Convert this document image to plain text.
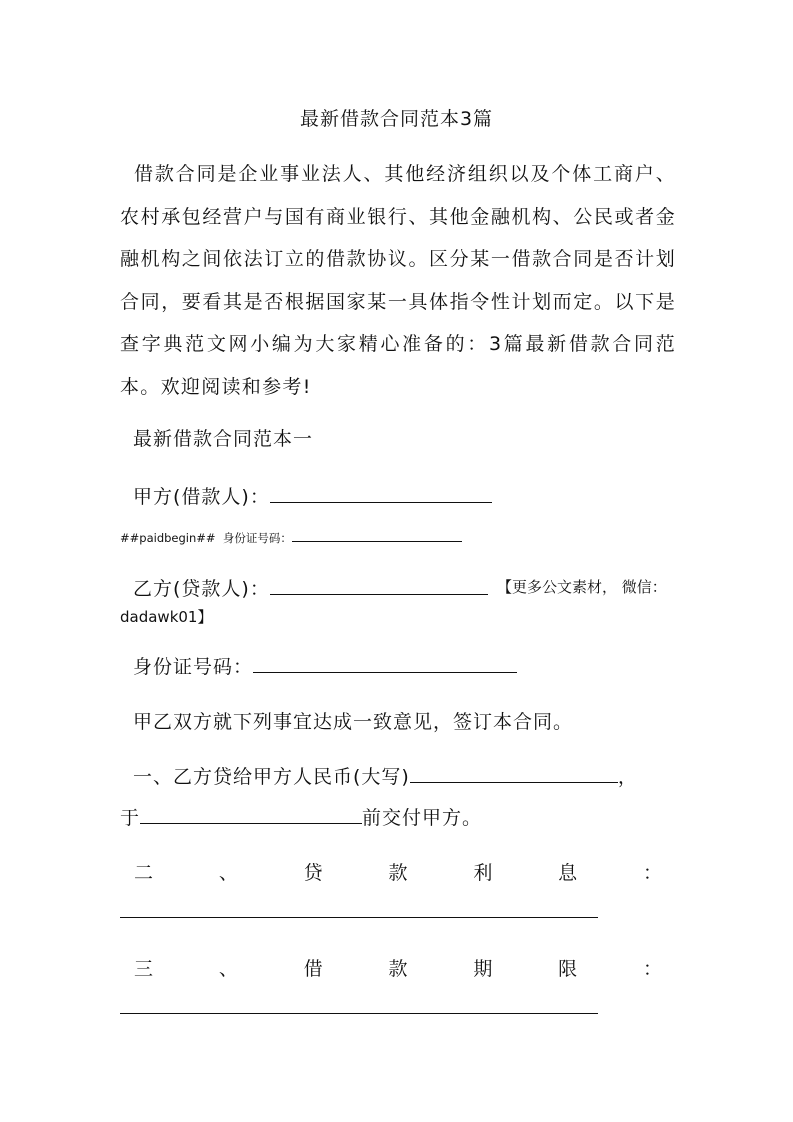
最新借款合同范本3篇

借款合同是企业事业法人、其他经济组织以及个体工商户、农村承包经营户与国有商业银行、其他金融机构、公民或者金融机构之间依法订立的借款协议。区分某一借款合同是否计划合同，要看其是否根据国家某一具体指令性计划而定。以下是查字典范文网小编为大家精心准备的：3篇最新借款合同范本。欢迎阅读和参考!

最新借款合同范本一
甲方(借款人)：
##paidbegin## 身份证号码：
乙方(贷款人)：	【更多公文素材， 微信：
dadawk01】
身份证号码：
甲乙双方就下列事宜达成一致意见，签订本合同。
一、乙方贷给甲方人民币(大写)	，
于	前交付甲方。
二	、	贷	款	利	息	：
三	、	借	款	期	限	：
